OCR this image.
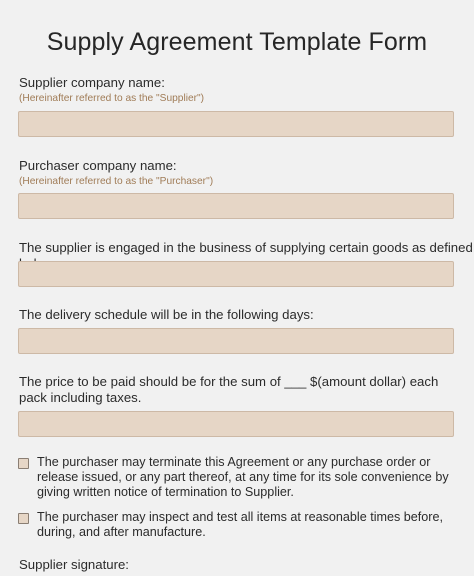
Supply Agreement Template Form
Supplier company name:
(Hereinafter referred to as the "Supplier")
Purchaser company name:
(Hereinafter referred to as the "Purchaser")
The supplier is engaged in the business of supplying certain goods as defined
The delivery schedule will be in the following days:
The price to be paid should be for the sum of ___ $(amount dollar) each pack including taxes.
The purchaser may terminate this Agreement or any purchase order or release issued, or any part thereof, at any time for its sole convenience by giving written notice of termination to Supplier.
The purchaser may inspect and test all items at reasonable times before, during, and after manufacture.
Supplier signature:
